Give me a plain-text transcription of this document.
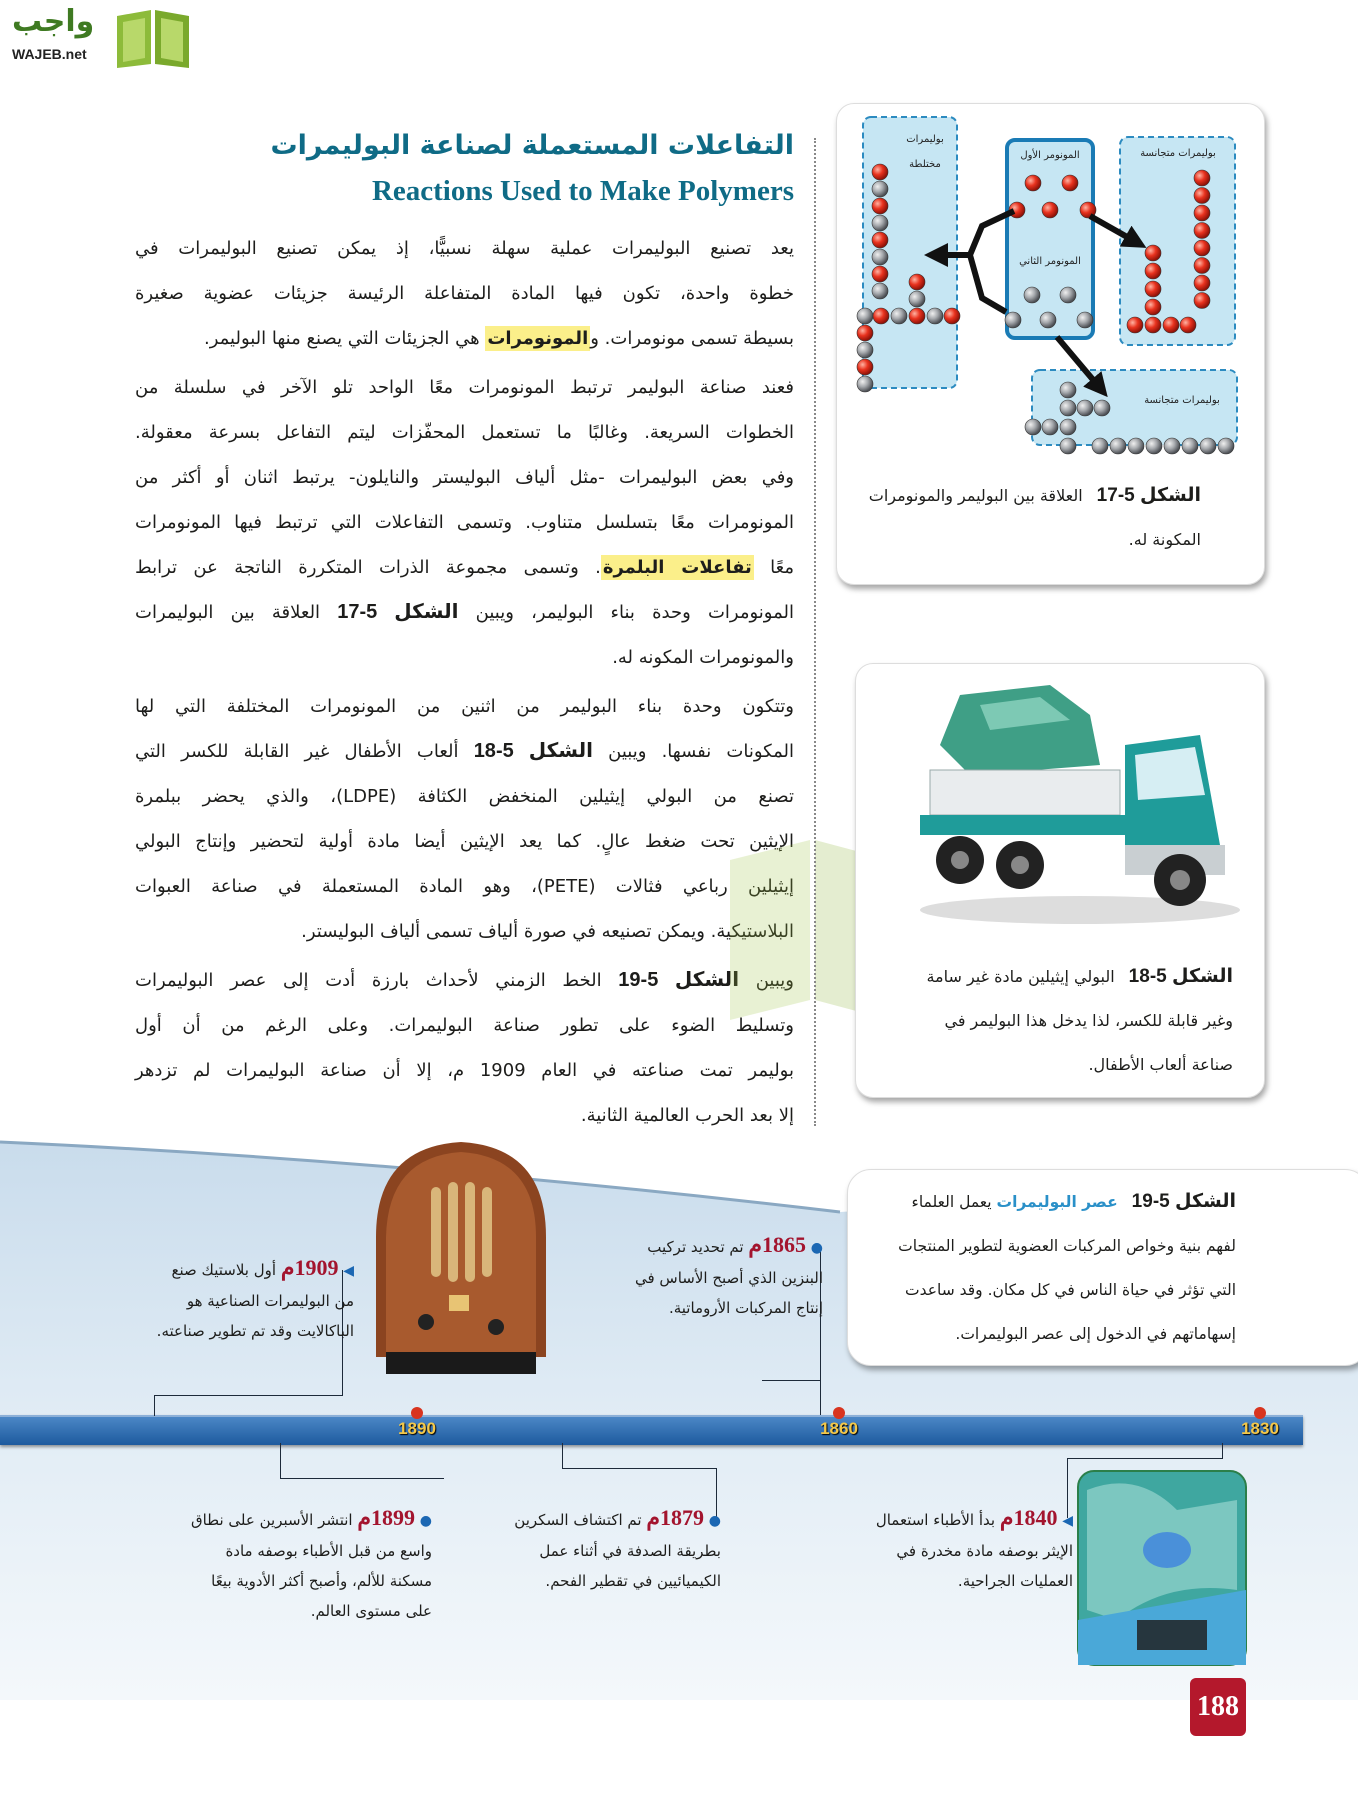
واجب
WAJEB.net
التفاعلات المستعملة لصناعة البوليمرات
Reactions Used to Make Polymers
يعد تصنيع البوليمرات عملية سهلة نسبيًّا، إذ يمكن تصنيع البوليمرات في
خطوة واحدة، تكون فيها المادة المتفاعلة الرئيسة جزيئات عضوية صغيرة
بسيطة تسمى مونومرات. والمونومرات هي الجزيئات التي يصنع منها البوليمر.
فعند صناعة البوليمر ترتبط المونومرات معًا الواحد تلو الآخر في سلسلة من
الخطوات السريعة. وغالبًا ما تستعمل المحفّزات ليتم التفاعل بسرعة معقولة.
وفي بعض البوليمرات -مثل ألياف البوليستر والنايلون- يرتبط اثنان أو أكثر من
المونومرات معًا بتسلسل متناوب. وتسمى التفاعلات التي ترتبط فيها المونومرات
معًا تفاعلات البلمرة. وتسمى مجموعة الذرات المتكررة الناتجة عن ترابط
المونومرات وحدة بناء البوليمر، ويبين الشكل 5-17 العلاقة بين البوليمرات
والمونومرات المكونه له.
وتتكون وحدة بناء البوليمر من اثنين من المونومرات المختلفة التي لها
المكونات نفسها. ويبين الشكل 5-18 ألعاب الأطفال غير القابلة للكسر التي
تصنع من البولي إيثيلين المنخفض الكثافة (LDPE)، والذي يحضر ببلمرة
الإيثين تحت ضغط عالٍ. كما يعد الإيثين أيضا مادة أولية لتحضير وإنتاج البولي
إيثيلين رباعي فثالات (PETE)، وهو المادة المستعملة في صناعة العبوات
البلاستيكية. ويمكن تصنيعه في صورة ألياف تسمى ألياف البوليستر.
ويبين الشكل 5-19 الخط الزمني لأحداث بارزة أدت إلى عصر البوليمرات
وتسليط الضوء على تطور صناعة البوليمرات. وعلى الرغم من أن أول
بوليمر تمت صناعته في العام 1909 م، إلا أن صناعة البوليمرات لم تزدهر
إلا بعد الحرب العالمية الثانية.
بوليمرات
مختلطة
المونومر الأول
المونومر الثاني
بوليمرات متجانسة
بوليمرات متجانسة
الشكل 5-17العلاقة بين البوليمر والمونومرات
المكونة له.
الشكل 5-18البولي إيثيلين مادة غير سامة
وغير قابلة للكسر، لذا يدخل هذا البوليمر في
صناعة ألعاب الأطفال.
الشكل 5-19عصر البوليمرات يعمل العلماء
لفهم بنية وخواص المركبات العضوية لتطوير المنتجات
التي تؤثر في حياة الناس في كل مكان. وقد ساعدت
إسهاماتهم في الدخول إلى عصر البوليمرات.
1890	1860	1830
● 1865م تم تحديد تركيب
البنزين الذي أصبح الأساس في
إنتاج المركبات الأروماتية.
◀ 1909م أول بلاستيك صنع
من البوليمرات الصناعية هو
الباكالايت وقد تم تطوير صناعته.
◀ 1840م بدأ الأطباء استعمال
الإيثر بوصفه مادة مخدرة في
العمليات الجراحية.
● 1879م تم اكتشاف السكرين
بطريقة الصدفة في أثناء عمل
الكيميائيين في تقطير الفحم.
● 1899م انتشر الأسبرين على نطاق
واسع من قبل الأطباء بوصفه مادة
مسكنة للألم، وأصبح أكثر الأدوية بيعًا
على مستوى العالم.
188
